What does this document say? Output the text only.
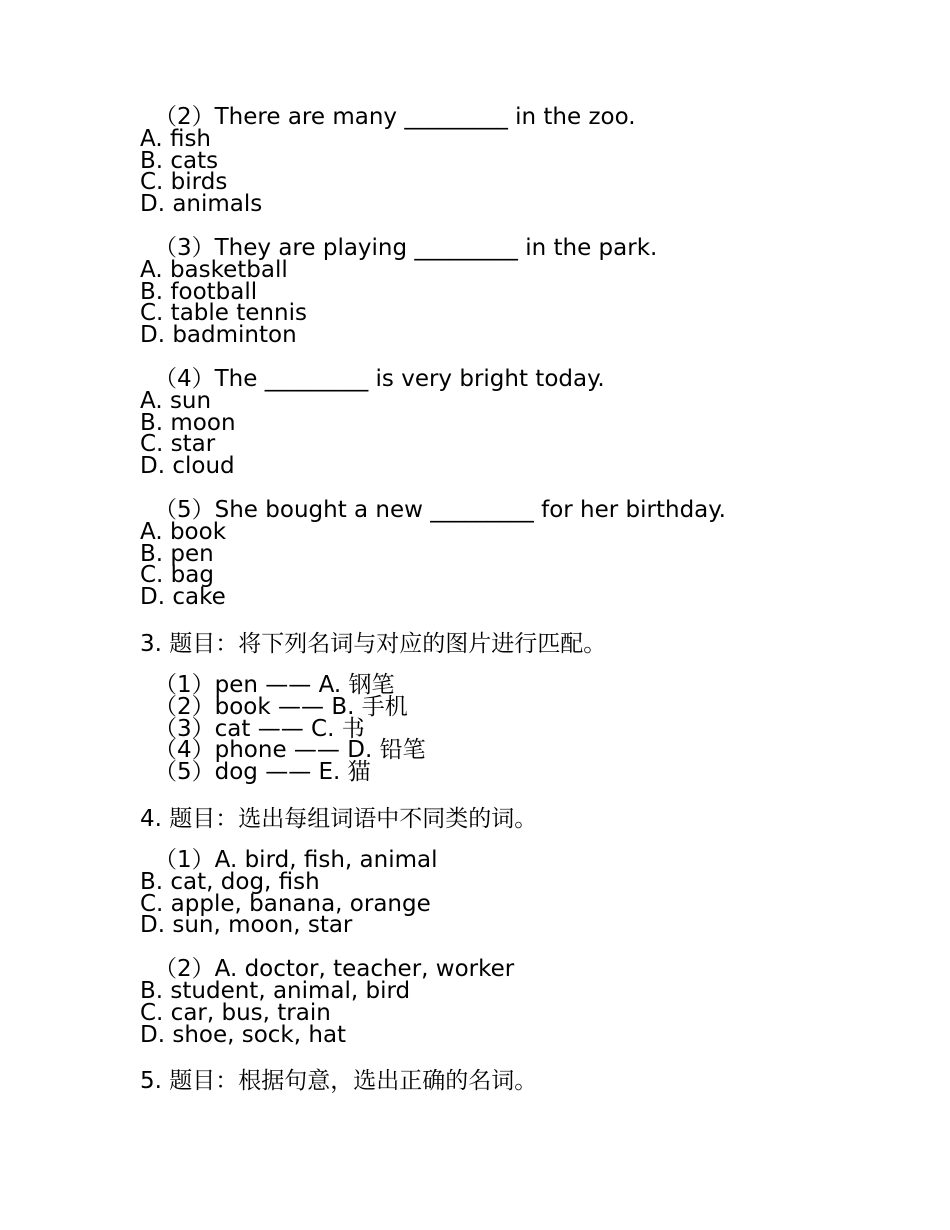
（2）There are many _________ in the zoo.
A. fish
B. cats
C. birds
D. animals
（3）They are playing _________ in the park.
A. basketball
B. football
C. table tennis
D. badminton
（4）The _________ is very bright today.
A. sun
B. moon
C. star
D. cloud
（5）She bought a new _________ for her birthday.
A. book
B. pen
C. bag
D. cake
3. 题目：将下列名词与对应的图片进行匹配。
（1）pen —— A. 钢笔
（2）book —— B. 手机
（3）cat —— C. 书
（4）phone —— D. 铅笔
（5）dog —— E. 猫
4. 题目：选出每组词语中不同类的词。
（1）A. bird, fish, animal
B. cat, dog, fish
C. apple, banana, orange
D. sun, moon, star
（2）A. doctor, teacher, worker
B. student, animal, bird
C. car, bus, train
D. shoe, sock, hat
5. 题目：根据句意，选出正确的名词。
